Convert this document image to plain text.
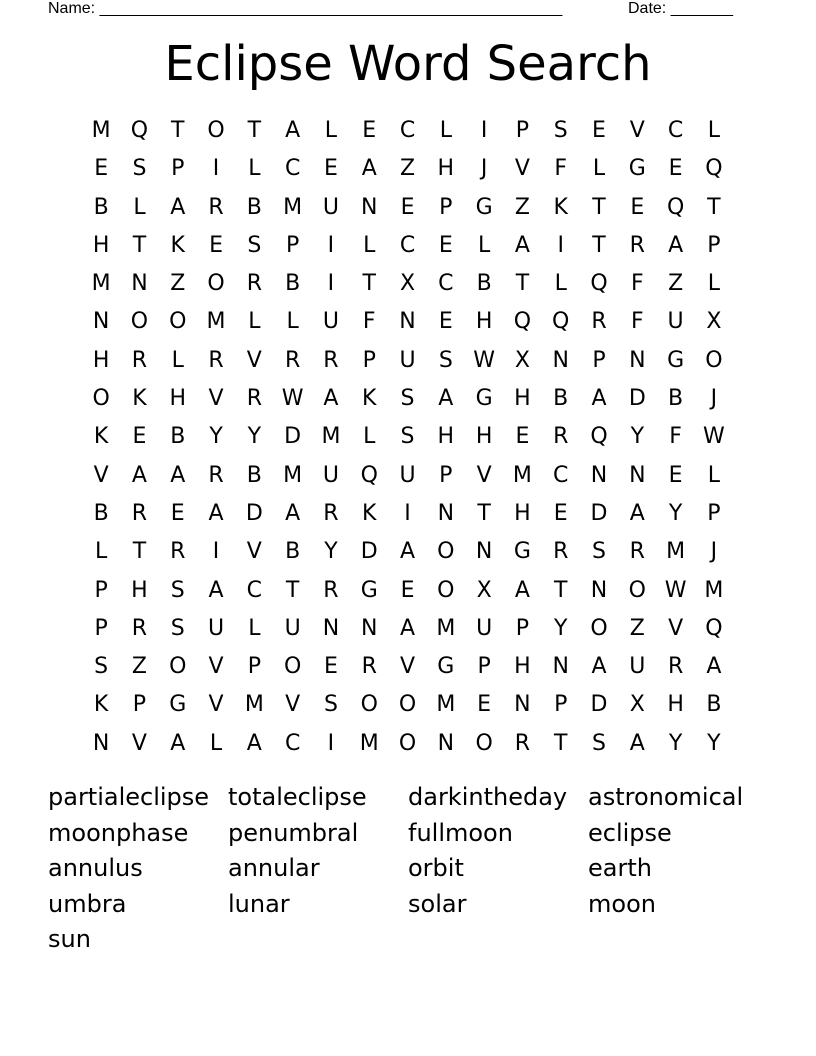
Name: ____________________________________________________	Date: _______
Eclipse Word Search
M Q	T	O	T	A	L	E	C	L	I	P	S	E	V	C	L
E	S	P	I	L	C	E	A	Z	H	J	V	F	L	G	E	Q
B	L	A	R	B M U	N	E	P	G	Z	K	T	E	Q	T
H	T	K	E	S	P	I	L	C	E	L	A	I	T	R	A	P
M N	Z	O R	B	I	T	X	C	B	T	L	Q	F	Z	L
N O O M	L	L	U	F	N	E	H Q Q R	F	U	X
H	R	L	R	V	R	R	P	U	S W X	N	P	N G O
O	K	H	V	R W A	K	S	A	G H	B	A	D	B	J
K	E	B	Y	Y	D M	L	S	H H	E	R Q	Y	F W
V	A	A	R	B M U Q U	P	V M C	N N	E	L
B	R	E	A	D	A	R	K	I	N	T	H	E	D	A	Y	P
L	T	R	I	V	B	Y	D	A	O N G	R	S	R M	J
P	H	S	A	C	T	R	G	E	O	X	A	T	N O W M
P	R	S	U	L	U	N N	A M U	P	Y	O	Z	V	Q
S	Z	O	V	P	O	E	R	V	G	P	H N	A	U	R	A
K	P	G	V M V	S	O O M E	N	P	D	X	H	B
N	V	A	L	A	C	I	M O N O R	T	S	A	Y	Y
partialeclipse totaleclipse	darkintheday astronomical
moonphase	penumbral	fullmoon	eclipse
annulus	annular	orbit	earth
umbra	lunar	solar	moon
sun
